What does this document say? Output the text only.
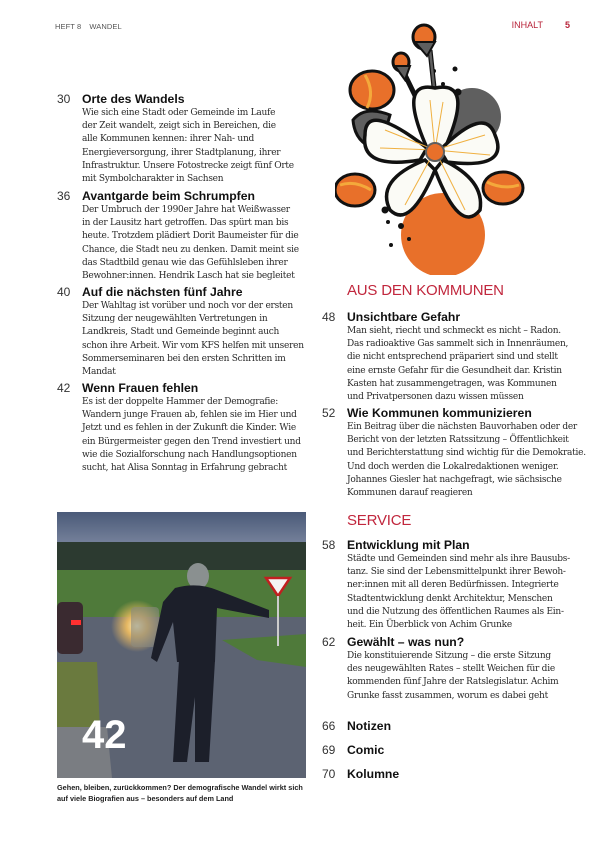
HEFT 8 WANDEL	INHALT 5
30 Orte des Wandels
Wie sich eine Stadt oder Gemeinde im Laufe
der Zeit wandelt, zeigt sich in Bereichen, die
alle Kommunen kennen: ihrer Nah- und
Energieversorgung, ihrer Stadtplanung, ihrer
Infrastruktur. Unsere Fotostrecke zeigt fünf Orte
mit Symbolcharakter in Sachsen
36 Avantgarde beim Schrumpfen
Der Umbruch der 1990er Jahre hat Weißwasser
in der Lausitz hart getroffen. Das spürt man bis
heute. Trotzdem plädiert Dorit Baumeister für die
Chance, die Stadt neu zu denken. Damit meint sie
das Stadtbild genau wie das Gefühlsleben ihrer
Bewohner:innen. Hendrik Lasch hat sie begleitet
40 Auf die nächsten fünf Jahre
Der Wahltag ist vorüber und noch vor der ersten
Sitzung der neugewählten Vertretungen in
Landkreis, Stadt und Gemeinde beginnt auch
schon ihre Arbeit. Wir vom KFS helfen mit unseren
Sommerseminaren bei den ersten Schritten im
Mandat
42 Wenn Frauen fehlen
Es ist der doppelte Hammer der Demografie:
Wandern junge Frauen ab, fehlen sie im Hier und
Jetzt und es fehlen in der Zukunft die Kinder. Wie
ein Bürgermeister gegen den Trend investiert und
wie die Sozialforschung nach Handlungsoptionen
sucht, hat Alisa Sonntag in Erfahrung gebracht
AUS DEN KOMMUNEN
48 Unsichtbare Gefahr
Man sieht, riecht und schmeckt es nicht – Radon.
Das radioaktive Gas sammelt sich in Innenräumen,
die nicht entsprechend präpariert sind und stellt
eine ernste Gefahr für die Gesundheit dar. Kristin
Kasten hat zusammengetragen, was Kommunen
und Privatpersonen dazu wissen müssen
52 Wie Kommunen kommunizieren
Ein Beitrag über die nächsten Bauvorhaben oder der
Bericht von der letzten Ratssitzung – Öffentlichkeit
und Berichterstattung sind wichtig für die Demokratie.
Und doch werden die Lokalredaktionen weniger.
Johannes Giesler hat nachgefragt, wie sächsische
Kommunen darauf reagieren
SERVICE
58 Entwicklung mit Plan
Städte und Gemeinden sind mehr als ihre Bausubs-
tanz. Sie sind der Lebensmittelpunkt ihrer Bewoh-
ner:innen mit all deren Bedürfnissen. Integrierte
Stadtentwicklung denkt Architektur, Menschen
und die Nutzung des öffentlichen Raumes als Ein-
heit. Ein Überblick von Achim Grunke
62 Gewählt – was nun?
Die konstituierende Sitzung – die erste Sitzung
des neugewählten Rates – stellt Weichen für die
kommenden fünf Jahre der Ratslegislatur. Achim
Grunke fasst zusammen, worum es dabei geht
66 Notizen
69 Comic
70 Kolumne
42
Gehen, bleiben, zurückkommen? Der demografische Wandel wirkt sich
auf viele Biografien aus – besonders auf dem Land
